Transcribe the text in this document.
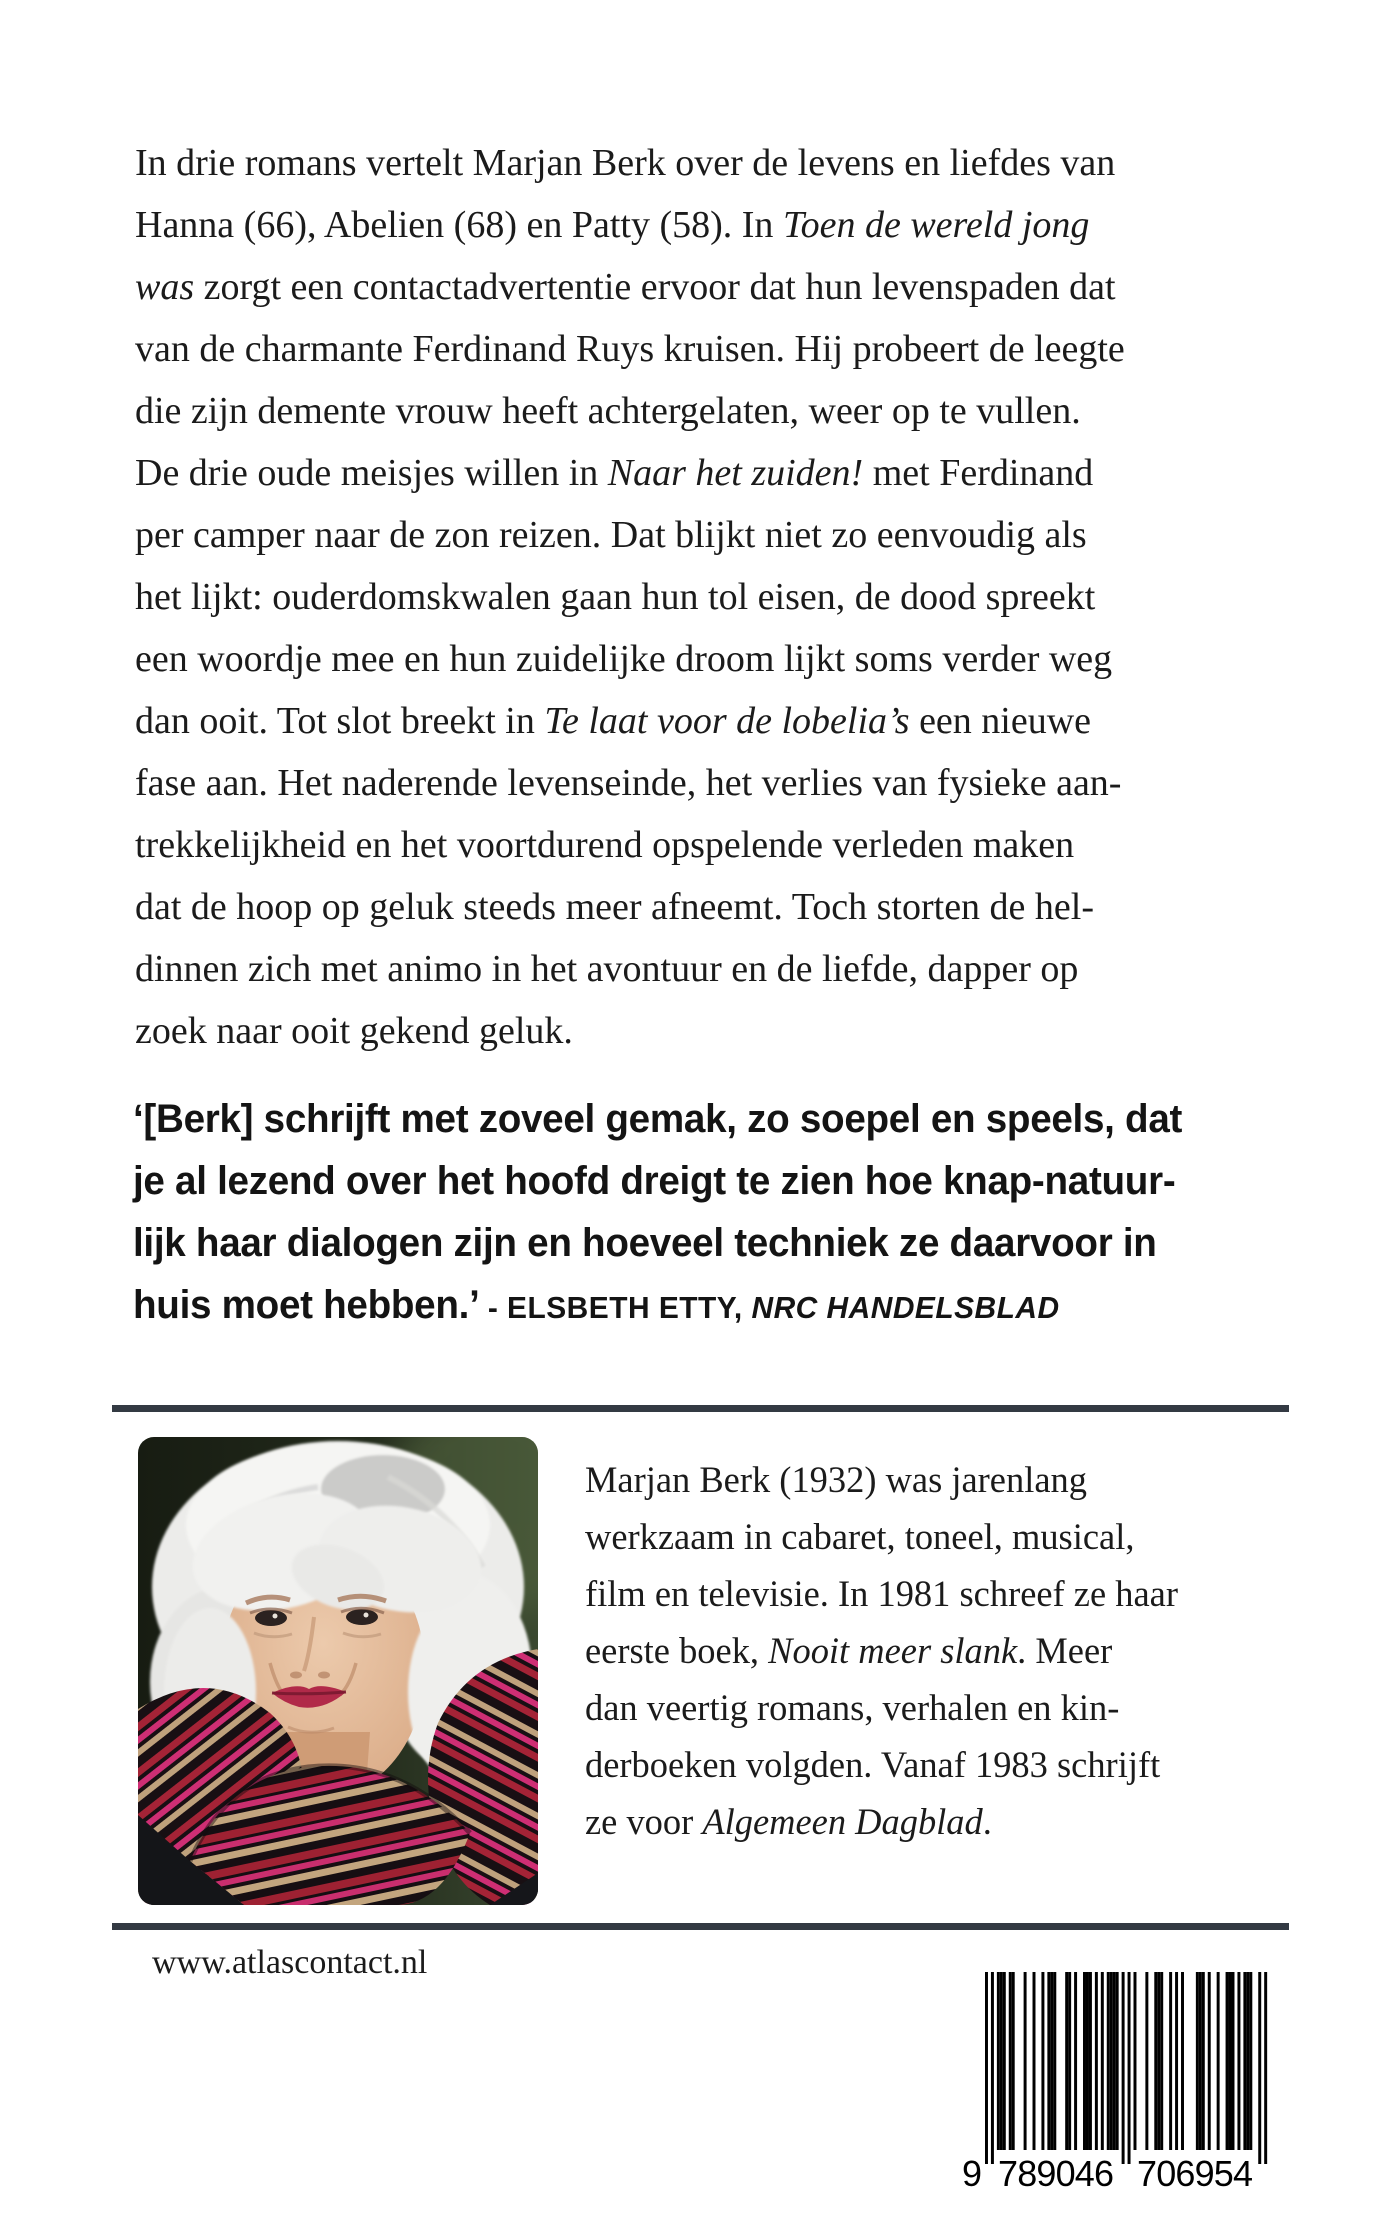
In drie romans vertelt Marjan Berk over de levens en liefdes van
Hanna (66), Abelien (68) en Patty (58). In Toen de wereld jong
was zorgt een contactadvertentie ervoor dat hun levenspaden dat
van de charmante Ferdinand Ruys kruisen. Hij probeert de leegte
die zijn demente vrouw heeft achtergelaten, weer op te vullen.
De drie oude meisjes willen in Naar het zuiden! met Ferdinand
per camper naar de zon reizen. Dat blijkt niet zo eenvoudig als
het lijkt: ouderdomskwalen gaan hun tol eisen, de dood spreekt
een woordje mee en hun zuidelijke droom lijkt soms verder weg
dan ooit. Tot slot breekt in Te laat voor de lobelia’s een nieuwe
fase aan. Het naderende levenseinde, het verlies van fysieke aan-
trekkelijkheid en het voortdurend opspelende verleden maken
dat de hoop op geluk steeds meer afneemt. Toch storten de hel-
dinnen zich met animo in het avontuur en de liefde, dapper op
zoek naar ooit gekend geluk.
‘[Berk] schrijft met zoveel gemak, zo soepel en speels, dat
je al lezend over het hoofd dreigt te zien hoe knap-natuur-
lijk haar dialogen zijn en hoeveel techniek ze daarvoor in
huis moet hebben.’ - ELSBETH ETTY, NRC HANDELSBLAD
Marjan Berk (1932) was jarenlang
werkzaam in cabaret, toneel, musical,
film en televisie. In 1981 schreef ze haar
eerste boek, Nooit meer slank. Meer
dan veertig romans, verhalen en kin-
derboeken volgden. Vanaf 1983 schrijft
ze voor Algemeen Dagblad.
www.atlascontact.nl
9 789046 706954
